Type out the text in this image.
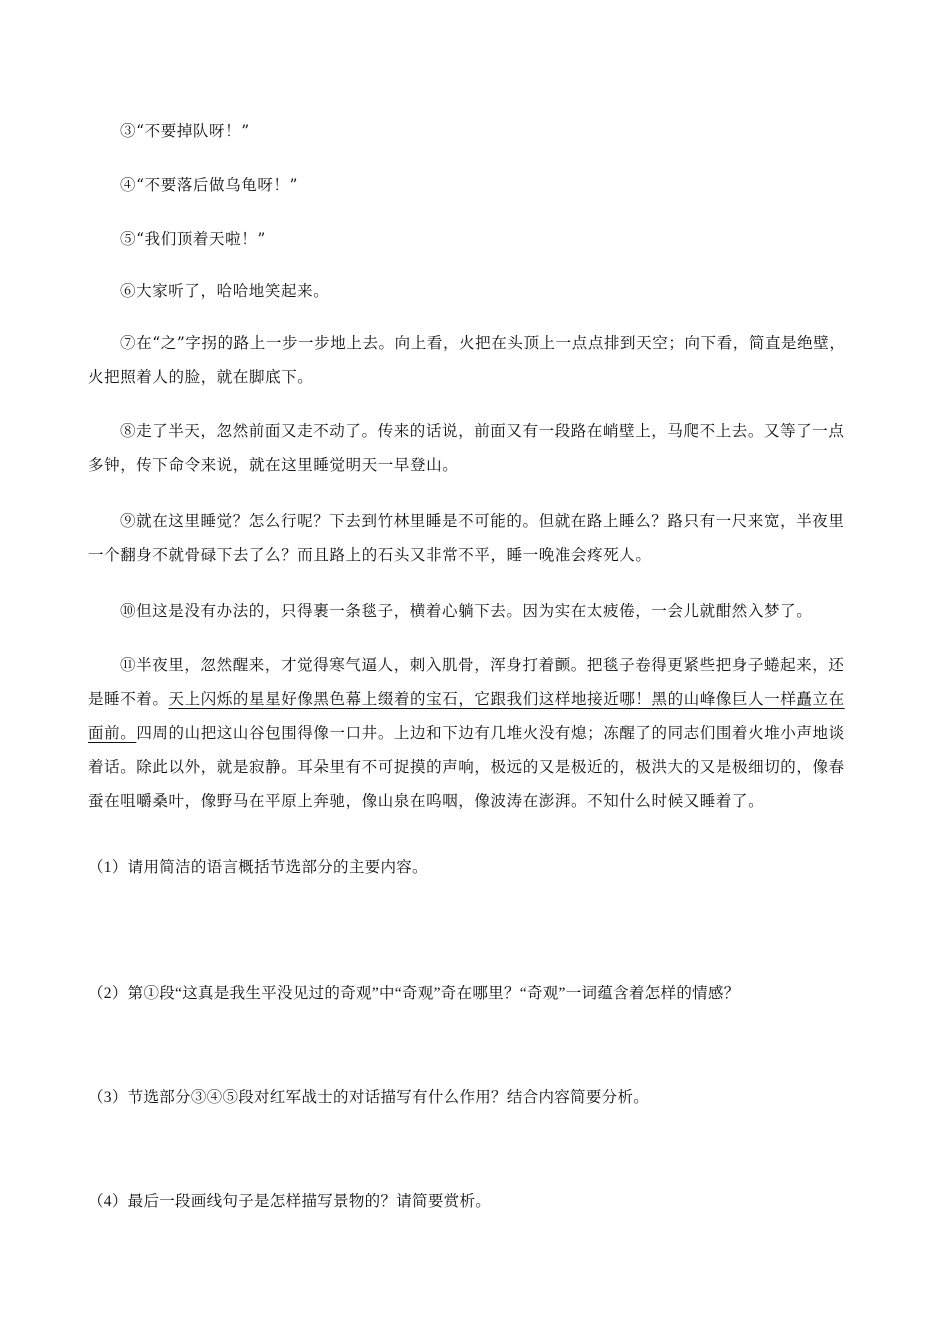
③“不要掉队呀！”

④“不要落后做乌龟呀！”

⑤“我们顶着天啦！”

⑥大家听了，哈哈地笑起来。

⑦在“之”字拐的路上一步一步地上去。向上看，火把在头顶上一点点排到天空；向下看，简直是绝壁，火把照着人的脸，就在脚底下。

⑧走了半天，忽然前面又走不动了。传来的话说，前面又有一段路在峭壁上，马爬不上去。又等了一点多钟，传下命令来说，就在这里睡觉明天一早登山。

⑨就在这里睡觉？怎么行呢？下去到竹林里睡是不可能的。但就在路上睡么？路只有一尺来宽，半夜里一个翻身不就骨碌下去了么？而且路上的石头又非常不平，睡一晚准会疼死人。

⑩但这是没有办法的，只得裹一条毯子，横着心躺下去。因为实在太疲倦，一会儿就酣然入梦了。

⑪半夜里，忽然醒来，才觉得寒气逼人，刺入肌骨，浑身打着颤。把毯子卷得更紧些把身子蜷起来，还是睡不着。天上闪烁的星星好像黑色幕上缀着的宝石，它跟我们这样地接近哪！黑的山峰像巨人一样矗立在面前。四周的山把这山谷包围得像一口井。上边和下边有几堆火没有熄；冻醒了的同志们围着火堆小声地谈着话。除此以外，就是寂静。耳朵里有不可捉摸的声响，极远的又是极近的，极洪大的又是极细切的，像春蚕在咀嚼桑叶，像野马在平原上奔驰，像山泉在呜咽，像波涛在澎湃。不知什么时候又睡着了。

（1）请用简洁的语言概括节选部分的主要内容。

（2）第①段“这真是我生平没见过的奇观”中“奇观”奇在哪里？“奇观”一词蕴含着怎样的情感？

（3）节选部分③④⑤段对红军战士的对话描写有什么作用？结合内容简要分析。

（4）最后一段画线句子是怎样描写景物的？请简要赏析。
